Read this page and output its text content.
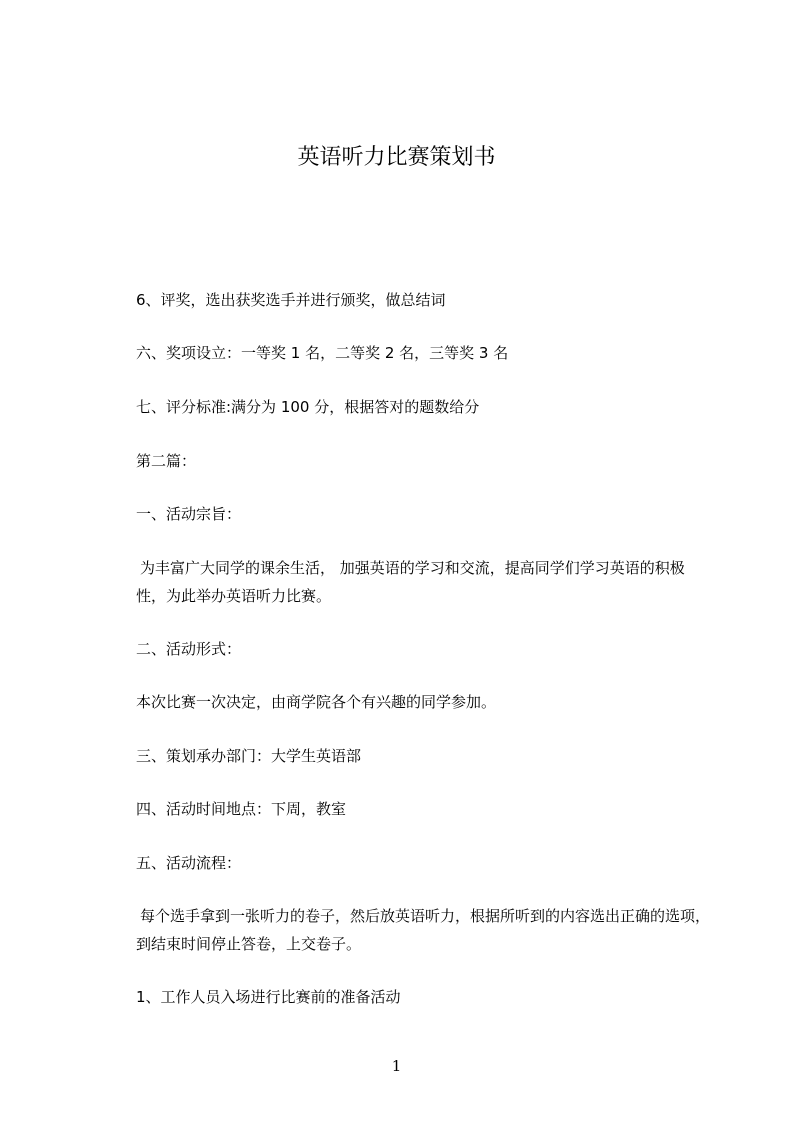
英语听力比赛策划书

6、评奖，选出获奖选手并进行颁奖，做总结词

六、奖项设立：一等奖 1 名，二等奖 2 名，三等奖 3 名

七、评分标准:满分为 100 分，根据答对的题数给分

第二篇：

一、活动宗旨：

为丰富广大同学的课余生活， 加强英语的学习和交流，提高同学们学习英语的积极性，为此举办英语听力比赛。

二、活动形式：

本次比赛一次决定，由商学院各个有兴趣的同学参加。

三、策划承办部门：大学生英语部

四、活动时间地点：下周，教室

五、活动流程：

每个选手拿到一张听力的卷子，然后放英语听力，根据所听到的内容选出正确的选项，到结束时间停止答卷，上交卷子。

1、工作人员入场进行比赛前的准备活动

1
